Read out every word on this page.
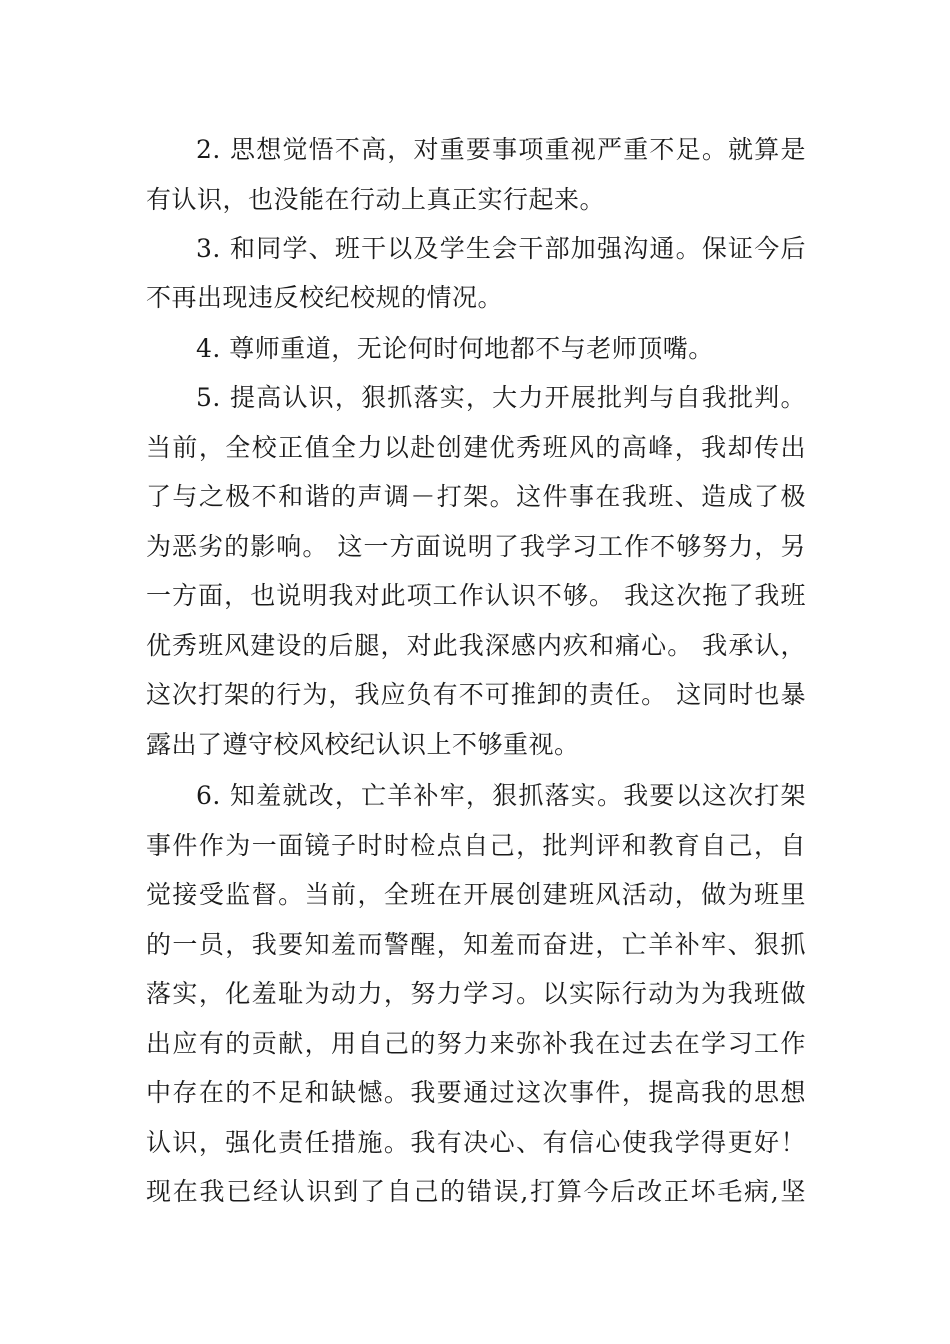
2. 思想觉悟不高，对重要事项重视严重不足。就算是
有认识，也没能在行动上真正实行起来。
3. 和同学、班干以及学生会干部加强沟通。保证今后
不再出现违反校纪校规的情况。
4. 尊师重道，无论何时何地都不与老师顶嘴。
5. 提高认识，狠抓落实，大力开展批判与自我批判。
当前，全校正值全力以赴创建优秀班风的高峰，我却传出
了与之极不和谐的声调－打架。这件事在我班、造成了极
为恶劣的影响。 这一方面说明了我学习工作不够努力，另
一方面，也说明我对此项工作认识不够。 我这次拖了我班
优秀班风建设的后腿，对此我深感内疚和痛心。 我承认，
这次打架的行为，我应负有不可推卸的责任。 这同时也暴
露出了遵守校风校纪认识上不够重视。
6. 知羞就改，亡羊补牢，狠抓落实。我要以这次打架
事件作为一面镜子时时检点自己，批判评和教育自己，自
觉接受监督。当前，全班在开展创建班风活动，做为班里
的一员，我要知羞而警醒，知羞而奋进，亡羊补牢、狠抓
落实，化羞耻为动力，努力学习。以实际行动为为我班做
出应有的贡献，用自己的努力来弥补我在过去在学习工作
中存在的不足和缺憾。我要通过这次事件，提高我的思想
认识，强化责任措施。我有决心、有信心使我学得更好！
现在我已经认识到了自己的错误,打算今后改正坏毛病,坚
